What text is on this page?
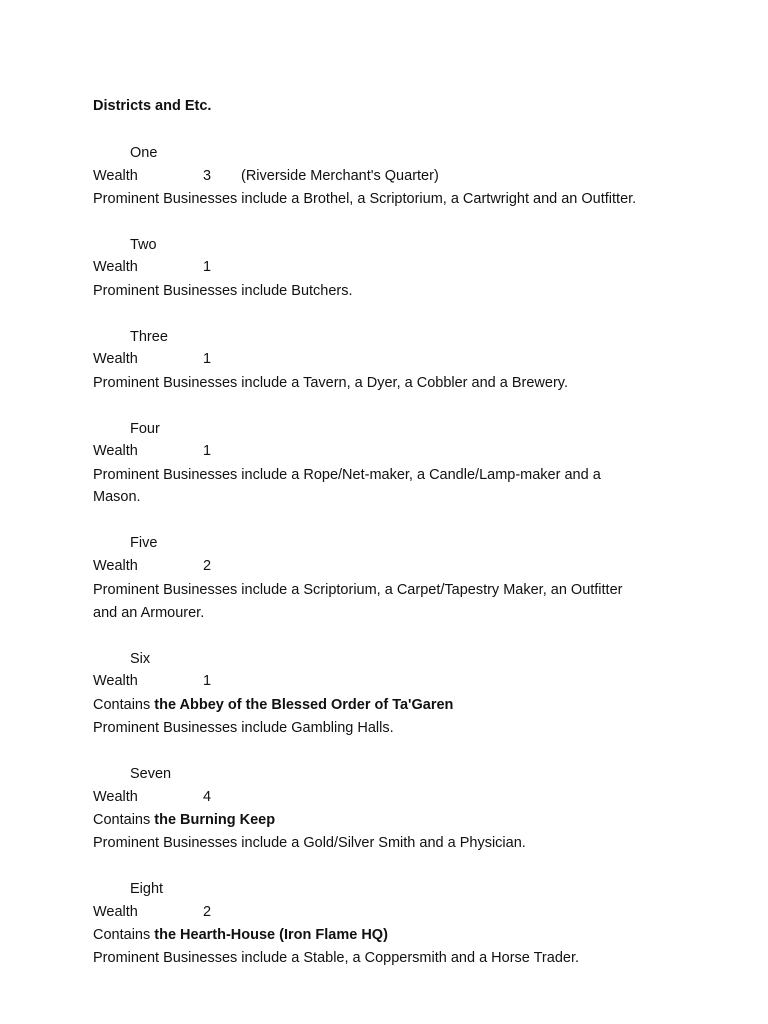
Districts and Etc.
One
Wealth	3 (Riverside Merchant's Quarter)
Prominent Businesses include a Brothel, a Scriptorium, a Cartwright and an Outfitter.
Two
Wealth	1
Prominent Businesses include Butchers.
Three
Wealth	1
Prominent Businesses include a Tavern, a Dyer, a Cobbler and a Brewery.
Four
Wealth	1
Prominent Businesses include a Rope/Net-maker, a Candle/Lamp-maker and a
Mason.
Five
Wealth	2
Prominent Businesses include a Scriptorium, a Carpet/Tapestry Maker, an Outfitter
and an Armourer.
Six
Wealth	1
Contains the Abbey of the Blessed Order of Ta'Garen
Prominent Businesses include Gambling Halls.
Seven
Wealth	4
Contains the Burning Keep
Prominent Businesses include a Gold/Silver Smith and a Physician.
Eight
Wealth	2
Contains the Hearth-House (Iron Flame HQ)
Prominent Businesses include a Stable, a Coppersmith and a Horse Trader.
